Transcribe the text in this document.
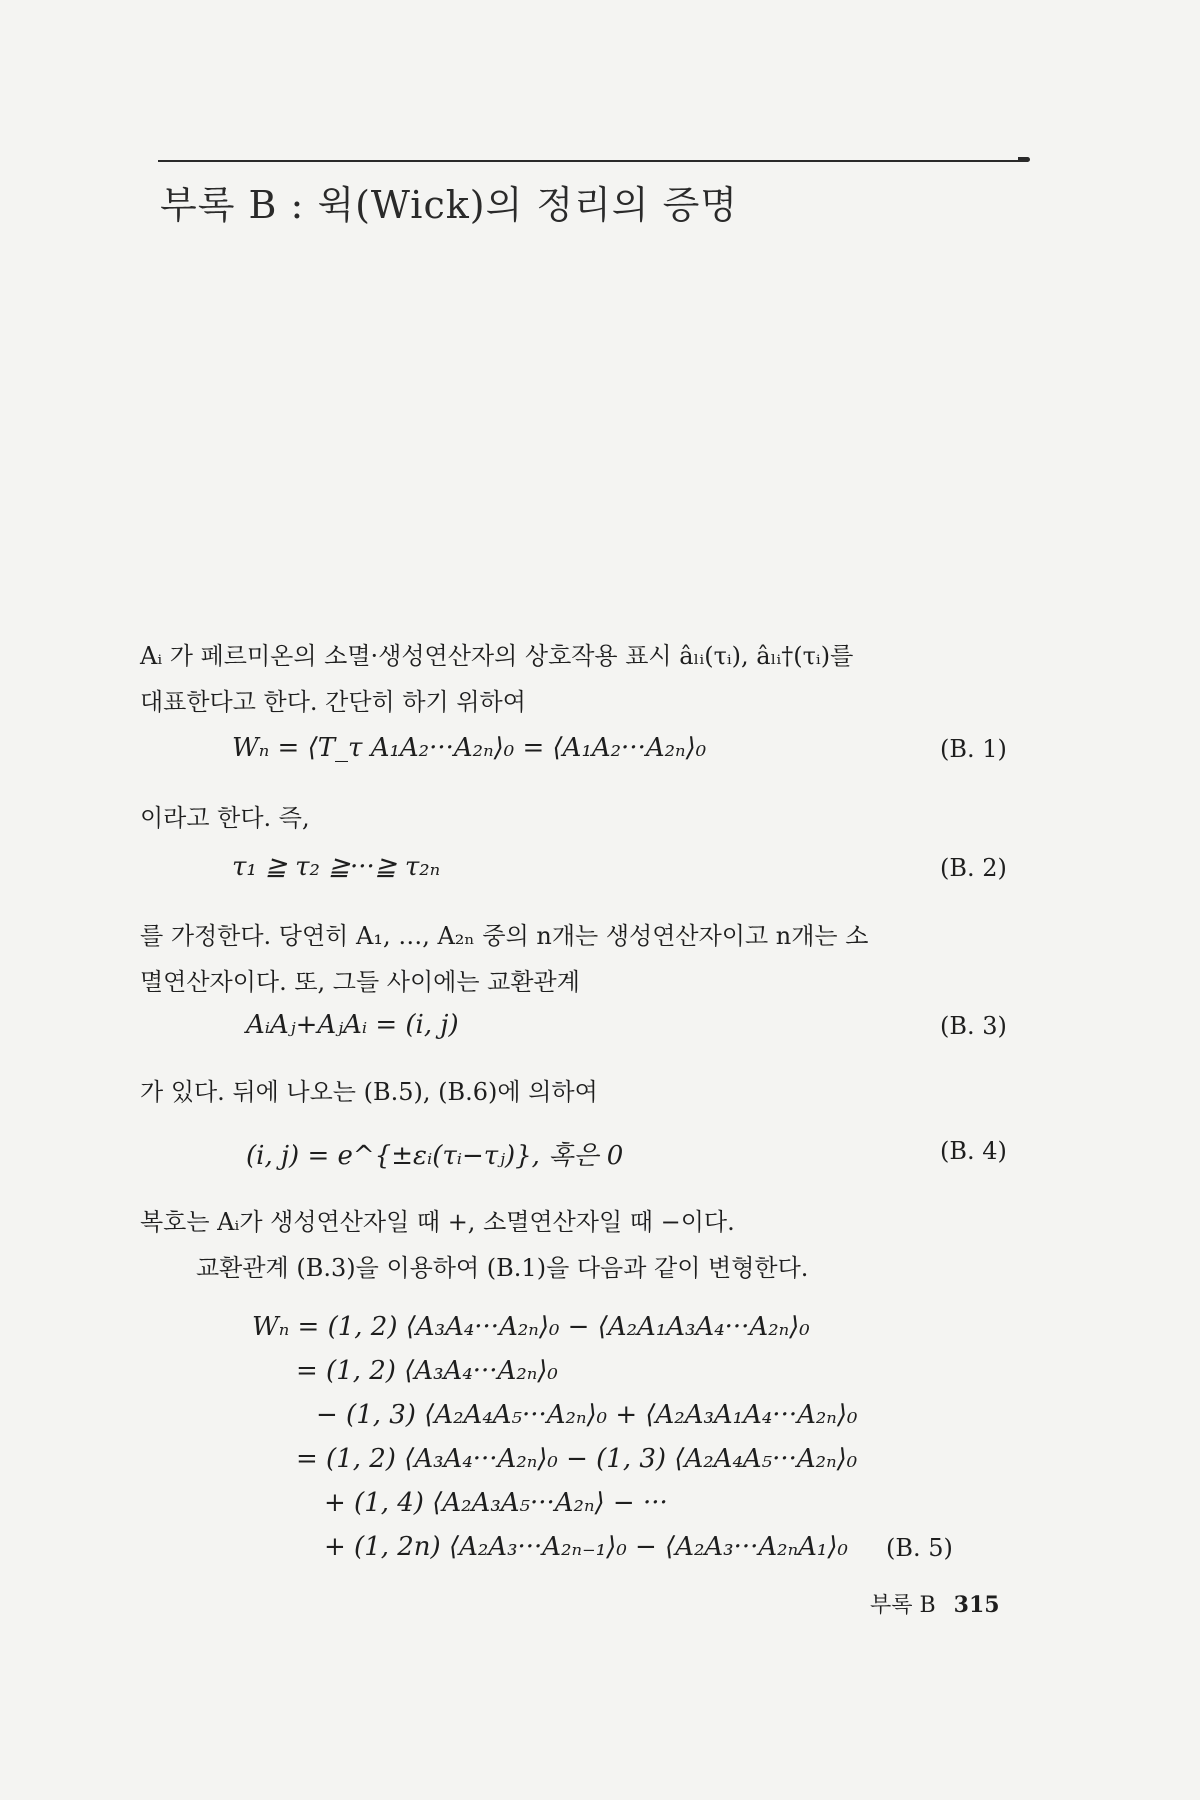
부록 B : 윅(Wick)의 정리의 증명
Aᵢ 가 페르미온의 소멸·생성연산자의 상호작용 표시 âₗᵢ(τᵢ), âₗᵢ†(τᵢ)를
대표한다고 한다. 간단히 하기 위하여
Wₙ = ⟨T_τ A₁A₂···A₂ₙ⟩₀ = ⟨A₁A₂···A₂ₙ⟩₀	(B. 1)
이라고 한다. 즉,
τ₁ ≧ τ₂ ≧···≧ τ₂ₙ	(B. 2)
를 가정한다. 당연히 A₁, …, A₂ₙ 중의 n개는 생성연산자이고 n개는 소
멸연산자이다. 또, 그들 사이에는 교환관계
AᵢAⱼ+AⱼAᵢ = (i, j)	(B. 3)
가 있다. 뒤에 나오는 (B.5), (B.6)에 의하여
(i, j) = e^{±εᵢ(τᵢ−τⱼ)}, 혹은 0	(B. 4)
복호는 Aᵢ가 생성연산자일 때 +, 소멸연산자일 때 −이다.
교환관계 (B.3)을 이용하여 (B.1)을 다음과 같이 변형한다.
Wₙ = (1, 2) ⟨A₃A₄···A₂ₙ⟩₀ − ⟨A₂A₁A₃A₄···A₂ₙ⟩₀
= (1, 2) ⟨A₃A₄···A₂ₙ⟩₀
− (1, 3) ⟨A₂A₄A₅···A₂ₙ⟩₀ + ⟨A₂A₃A₁A₄···A₂ₙ⟩₀
= (1, 2) ⟨A₃A₄···A₂ₙ⟩₀ − (1, 3) ⟨A₂A₄A₅···A₂ₙ⟩₀
+ (1, 4) ⟨A₂A₃A₅···A₂ₙ⟩ − ···
+ (1, 2n) ⟨A₂A₃···A₂ₙ₋₁⟩₀ − ⟨A₂A₃···A₂ₙA₁⟩₀ (B. 5)
부록 B 315
